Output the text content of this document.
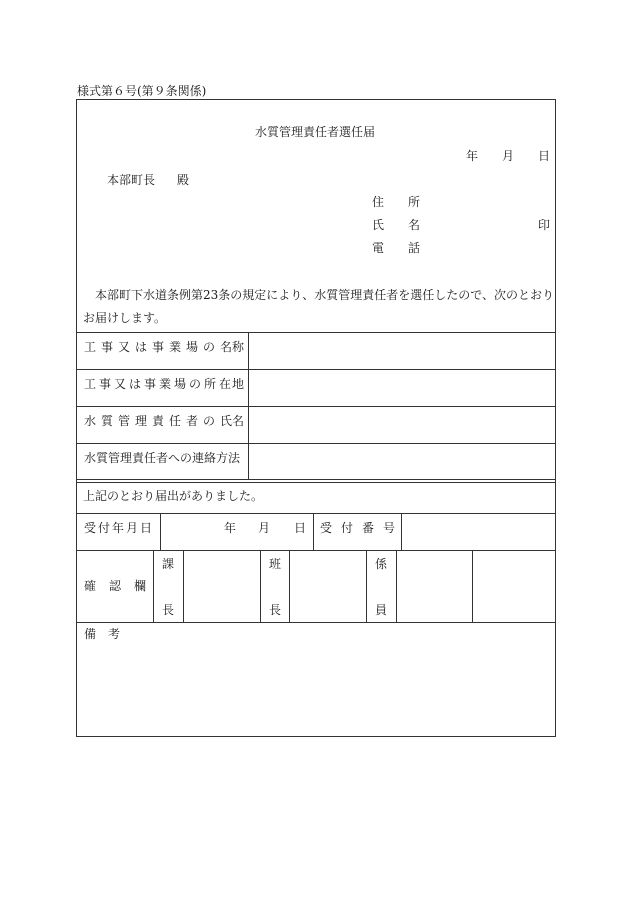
様式第６号(第９条関係)
水質管理責任者選任届
年 月 日
本部町長 殿
住 所
氏 名	印
電 話
本部町下水道条例第23条の規定により、水質管理責任者を選任したので、次のとおり
お届けします。
工 事 又 は 事 業 場 の 名 称
工 事 又 は 事 業 場 の 所 在 地
水 質 管 理 責 任 者 の 氏 名
水質管理責任者への連絡方法
上記のとおり届出がありました。
受 付 年 月 日	年 月 日 受 付 番 号
確 認 欄
課
長
班
長
係
員
備 考
